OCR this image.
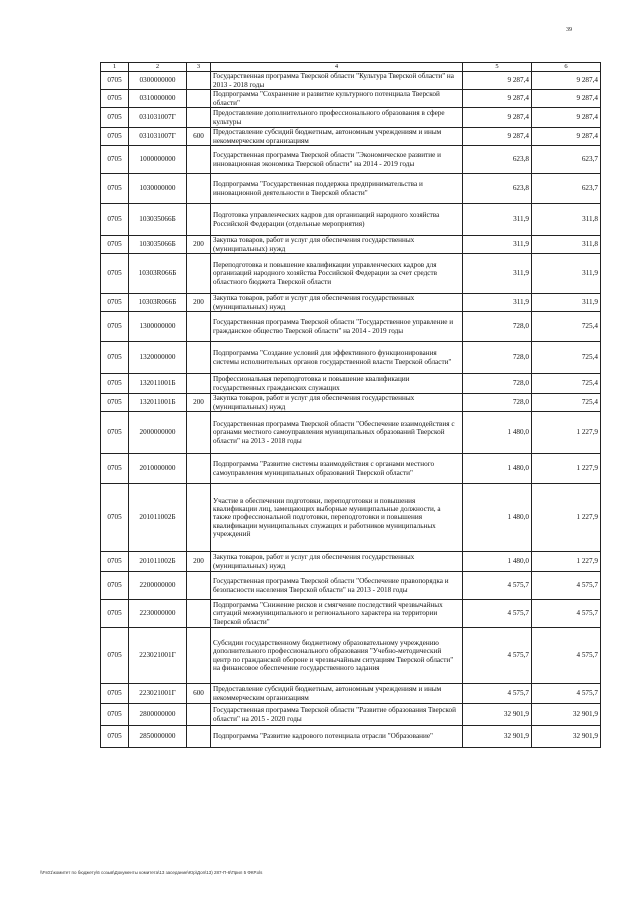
39
1	2	3	4	5	6
0705	0300000000		Государственная программа Тверской области "Культура Тверской области" на 2013 - 2018 годы	9 287,4	9 287,4
0705	0310000000		Подпрограмма "Сохранение и развитие культурного потенциала Тверской области"	9 287,4	9 287,4
0705	031031007Г		Предоставление дополнительного профессионального образования в сфере культуры	9 287,4	9 287,4
0705	031031007Г	600	Предоставление субсидий бюджетным, автономным учреждениям и иным некоммерческим организациям	9 287,4	9 287,4
0705	1000000000		Государственная программа Тверской области "Экономическое развитие и инновационная экономика Тверской области" на 2014 - 2019 годы	623,8	623,7
0705	1030000000		Подпрограмма "Государственная поддержка предпринимательства и инновационной деятельности в Тверской области"	623,8	623,7
0705	103035066Б		Подготовка управленческих кадров для организаций народного хозяйства Российской Федерации (отдельные мероприятия)	311,9	311,8
0705	103035066Б	200	Закупка товаров, работ и услуг для обеспечения государственных (муниципальных) нужд	311,9	311,8
0705	10303R066Б		Переподготовка и повышение квалификации управленческих кадров для организаций народного хозяйства Российской Федерации за счет средств областного бюджета Тверской области	311,9	311,9
0705	10303R066Б	200	Закупка товаров, работ и услуг для обеспечения государственных (муниципальных) нужд	311,9	311,9
0705	1300000000		Государственная программа Тверской области "Государственное управление и гражданское общество Тверской области" на 2014 - 2019 годы	728,0	725,4
0705	1320000000		Подпрограмма "Создание условий для эффективного функционирования системы исполнительных органов государственной власти Тверской области"	728,0	725,4
0705	132011001Б		Профессиональная переподготовка и повышение квалификации государственных гражданских служащих	728,0	725,4
0705	132011001Б	200	Закупка товаров, работ и услуг для обеспечения государственных (муниципальных) нужд	728,0	725,4
0705	2000000000		Государственная программа Тверской области "Обеспечение взаимодействия с органами местного самоуправления муниципальных образований Тверской области" на 2013 - 2018 годы	1 480,0	1 227,9
0705	2010000000		Подпрограмма "Развитие системы взаимодействия с органами местного самоуправления муниципальных образований Тверской области"	1 480,0	1 227,9
0705	201011002Б		Участие в обеспечении подготовки, переподготовки и повышения квалификации лиц, замещающих выборные муниципальные должности, а также профессиональной подготовки, переподготовки и повышения квалификации муниципальных служащих и работников муниципальных учреждений	1 480,0	1 227,9
0705	201011002Б	200	Закупка товаров, работ и услуг для обеспечения государственных (муниципальных) нужд	1 480,0	1 227,9
0705	2200000000		Государственная программа Тверской области "Обеспечение правопорядка и безопасности населения Тверской области" на 2013 - 2018 годы	4 575,7	4 575,7
0705	2230000000		Подпрограмма "Снижение рисков и смягчение последствий чрезвычайных ситуаций межмуниципального и регионального характера на территории Тверской области"	4 575,7	4 575,7
0705	223021001Г		Субсидии государственному бюджетному образовательному учреждению дополнительного профессионального образования "Учебно-методический центр по гражданской обороне и чрезвычайным ситуациям Тверской области" на финансовое обеспечение государственного задания	4 575,7	4 575,7
0705	223021001Г	600	Предоставление субсидий бюджетным, автономным учреждениям и иным некоммерческим организациям	4 575,7	4 575,7
0705	2800000000		Государственная программа Тверской области "Развитие образования Тверской области" на 2015 - 2020 годы	32 901,9	32 901,9
0705	2850000000		Подпрограмма "Развитие кадрового потенциала отрасли "Образование"	32 901,9	32 901,9
\\Fs01\комитет по бюджету\6 созыв\Документы комитета\13 заседание\Юр\Доп\13) 287-П-6\Прил 5 ФКР.xls
